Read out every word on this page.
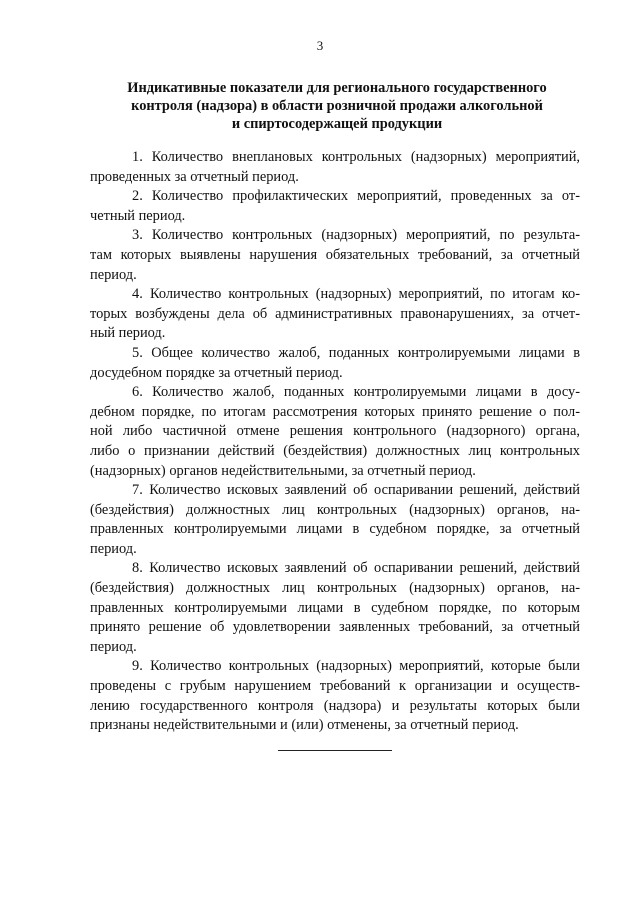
3
Индикативные показатели для регионального государственного
контроля (надзора) в области розничной продажи алкогольной
и спиртосодержащей продукции

1. Количество внеплановых контрольных (надзорных) мероприятий,
проведенных за отчетный период.

2. Количество профилактических мероприятий, проведенных за от-
четный период.

3. Количество контрольных (надзорных) мероприятий, по результа-
там которых выявлены нарушения обязательных требований, за отчетный
период.

4. Количество контрольных (надзорных) мероприятий, по итогам ко-
торых возбуждены дела об административных правонарушениях, за отчет-
ный период.

5. Общее количество жалоб, поданных контролируемыми лицами в
досудебном порядке за отчетный период.

6. Количество жалоб, поданных контролируемыми лицами в досу-
дебном порядке, по итогам рассмотрения которых принято решение о пол-
ной либо частичной отмене решения контрольного (надзорного) органа,
либо о признании действий (бездействия) должностных лиц контрольных
(надзорных) органов недействительными, за отчетный период.

7. Количество исковых заявлений об оспаривании решений, действий
(бездействия) должностных лиц контрольных (надзорных) органов, на-
правленных контролируемыми лицами в судебном порядке, за отчетный
период.

8. Количество исковых заявлений об оспаривании решений, действий
(бездействия) должностных лиц контрольных (надзорных) органов, на-
правленных контролируемыми лицами в судебном порядке, по которым
принято решение об удовлетворении заявленных требований, за отчетный
период.

9. Количество контрольных (надзорных) мероприятий, которые были
проведены с грубым нарушением требований к организации и осуществ-
лению государственного контроля (надзора) и результаты которых были
признаны недействительными и (или) отменены, за отчетный период.
